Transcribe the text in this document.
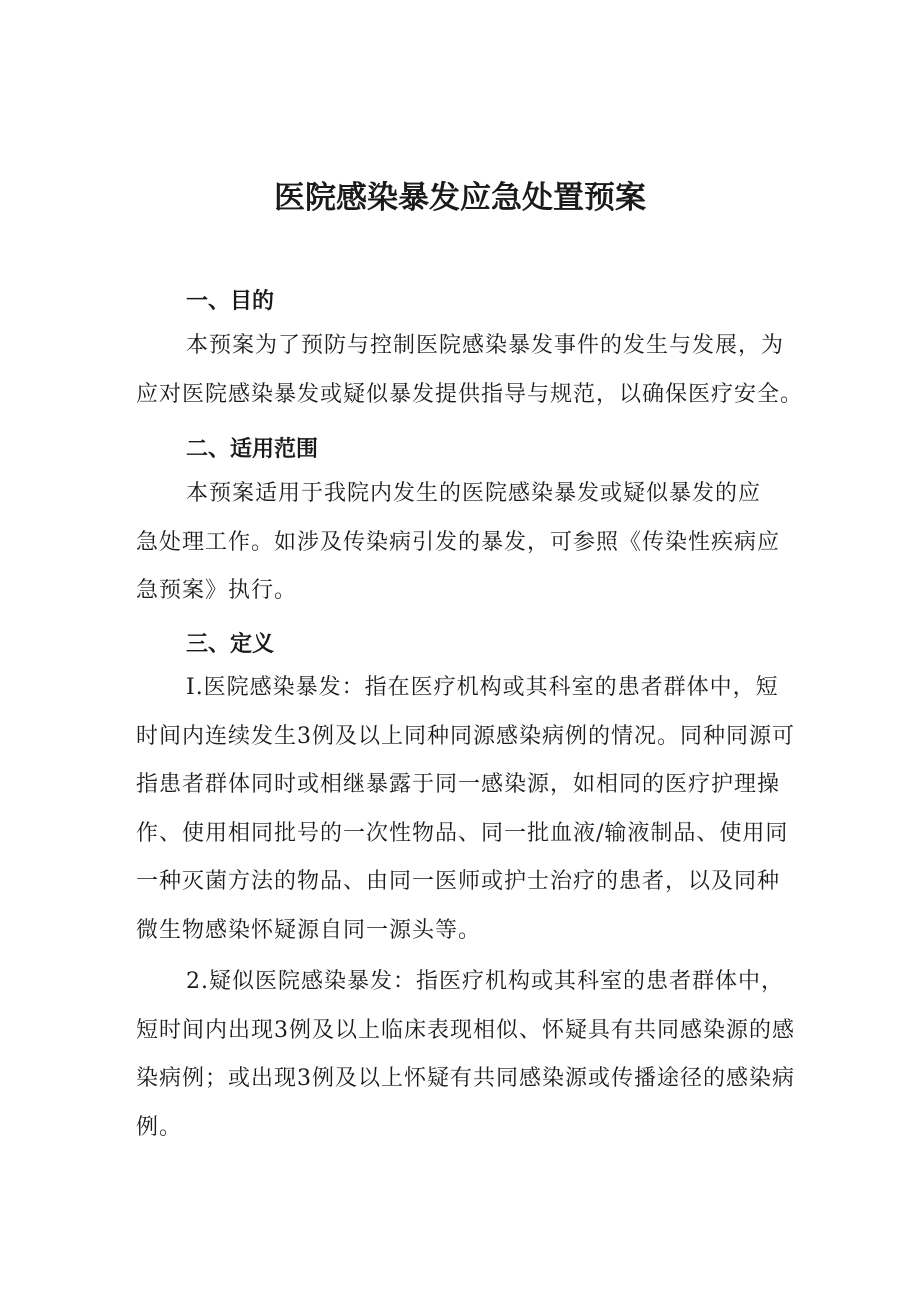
医院感染暴发应急处置预案
一、目的
本预案为了预防与控制医院感染暴发事件的发生与发展，为
应对医院感染暴发或疑似暴发提供指导与规范，以确保医疗安全。
二、适用范围
本预案适用于我院内发生的医院感染暴发或疑似暴发的应
急处理工作。如涉及传染病引发的暴发，可参照《传染性疾病应
急预案》执行。
三、定义
I.医院感染暴发：指在医疗机构或其科室的患者群体中，短
时间内连续发生3例及以上同种同源感染病例的情况。同种同源可
指患者群体同时或相继暴露于同一感染源，如相同的医疗护理操
作、使用相同批号的一次性物品、同一批血液/输液制品、使用同
一种灭菌方法的物品、由同一医师或护士治疗的患者，以及同种
微生物感染怀疑源自同一源头等。
2.疑似医院感染暴发：指医疗机构或其科室的患者群体中，
短时间内出现3例及以上临床表现相似、怀疑具有共同感染源的感
染病例；或出现3例及以上怀疑有共同感染源或传播途径的感染病
例。
